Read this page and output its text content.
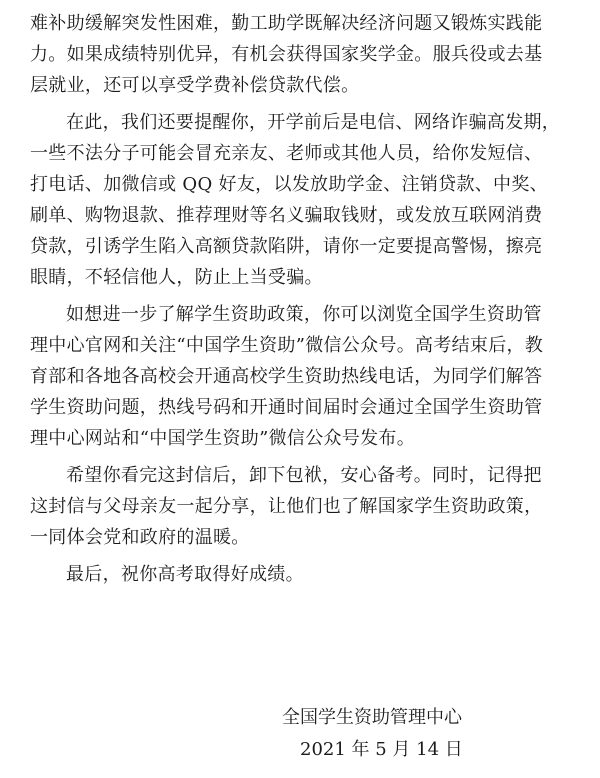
难补助缓解突发性困难，勤工助学既解决经济问题又锻炼实践能
力。如果成绩特别优异，有机会获得国家奖学金。服兵役或去基
层就业，还可以享受学费补偿贷款代偿。
在此，我们还要提醒你，开学前后是电信、网络诈骗高发期，
一些不法分子可能会冒充亲友、老师或其他人员，给你发短信、
打电话、加微信或 QQ 好友，以发放助学金、注销贷款、中奖、
刷单、购物退款、推荐理财等名义骗取钱财，或发放互联网消费
贷款，引诱学生陷入高额贷款陷阱，请你一定要提高警惕，擦亮
眼睛，不轻信他人，防止上当受骗。
如想进一步了解学生资助政策，你可以浏览全国学生资助管
理中心官网和关注“中国学生资助”微信公众号。高考结束后，教
育部和各地各高校会开通高校学生资助热线电话，为同学们解答
学生资助问题，热线号码和开通时间届时会通过全国学生资助管
理中心网站和“中国学生资助”微信公众号发布。
希望你看完这封信后，卸下包袱，安心备考。同时，记得把
这封信与父母亲友一起分享，让他们也了解国家学生资助政策，
一同体会党和政府的温暖。
最后，祝你高考取得好成绩。
全国学生资助管理中心
2021 年 5 月 14 日
